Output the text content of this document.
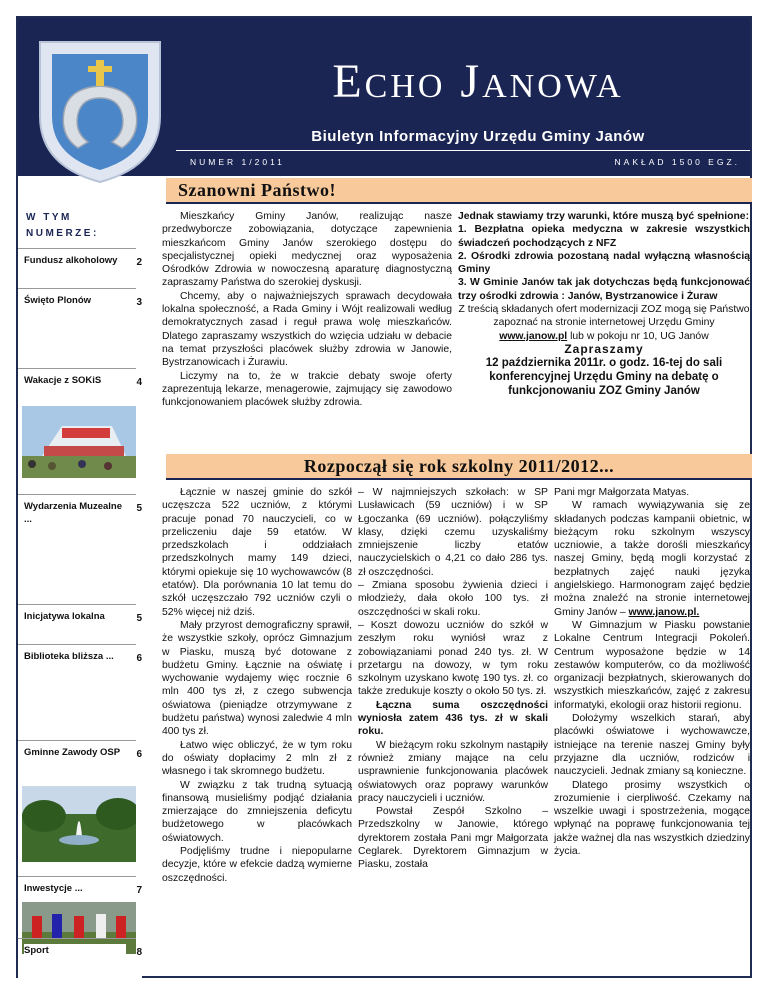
Echo Janowa
Biuletyn Informacyjny Urzędu Gminy Janów
NUMER 1/2011	NAKŁAD 1500 EGZ.
W TYM
NUMERZE:
Fundusz alkoholowy 2
Święto Plonów	3
Wakacje z SOKiS	4
Wydarzenia Muzealne ...
5
Inicjatywa lokalna	5
Biblioteka bliższa ... 6
Gminne Zawody OSP 6
Inwestycje ...	7
Sport	8
Szanowni Państwo!

Mieszkańcy Gminy Janów, realizując nasze przedwyborcze zobowiązania, dotyczące zapewnienia mieszkańcom Gminy Janów szerokiego dostępu do specjalistycznej opieki medycznej oraz wyposażenia Ośrodków Zdrowia w nowoczesną aparaturę diagnostyczną zapraszamy Państwa do szerokiej dyskusji.

Chcemy, aby o najważniejszych sprawach decydowała lokalna społeczność, a Rada Gminy i Wójt realizowali według demokratycznych zasad i reguł prawa wolę mieszkańców. Dlatego zapraszamy wszystkich do wzięcia udziału w debacie na temat przyszłości placówek służby zdrowia w Janowie, Bystrzanowicach i Żurawiu.

Liczymy na to, że w trakcie debaty swoje oferty zaprezentują lekarze, menagerowie, zajmujący się zawodowo funkcjonowaniem placówek służby zdrowia.

Jednak stawiamy trzy warunki, które muszą być spełnione:
1. Bezpłatna opieka medyczna w zakresie wszystkich świadczeń pochodzących z NFZ
2. Ośrodki zdrowia pozostaną nadal wyłączną własnością Gminy
3. W Gminie Janów tak jak dotychczas będą funkcjonować trzy ośrodki zdrowia : Janów, Bystrzanowice i Żuraw
Z treścią składanych ofert modernizacji ZOZ mogą się Państwo zapoznać na stronie internetowej Urzędu Gminy www.janow.pl lub w pokoju nr 10, UG Janów
Zapraszamy
12 października 2011r. o godz. 16-tej do sali konferencyjnej Urzędu Gminy na debatę o funkcjonowaniu ZOZ Gminy Janów
Rozpoczął się rok szkolny 2011/2012...

Łącznie w naszej gminie do szkół uczęszcza 522 uczniów, z którymi pracuje ponad 70 nauczycieli, co w przeliczeniu daje 59 etatów. W przedszkolach i oddziałach przedszkolnych mamy 149 dzieci, którymi opiekuje się 10 wychowawców (8 etatów). Dla porównania 10 lat temu do szkół uczęszczało 792 uczniów czyli o 52% więcej niż dziś.

Mały przyrost demograficzny sprawił, że wszystkie szkoły, oprócz Gimnazjum w Piasku, muszą być dotowane z budżetu Gminy. Łącznie na oświatę i wychowanie wydajemy więc rocznie 6 mln 400 tys zł, z czego subwencja oświatowa (pieniądze otrzymywane z budżetu państwa) wynosi zaledwie 4 mln 400 tys zł.

Łatwo więc obliczyć, że w tym roku do oświaty dopłacimy 2 mln zł z własnego i tak skromnego budżetu.

W związku z tak trudną sytuacją finansową musieliśmy podjąć działania zmierzające do zmniejszenia deficytu budżetowego w placówkach oświatowych.

Podjęliśmy trudne i niepopularne decyzje, które w efekcie dadzą wymierne oszczędności.

– W najmniejszych szkołach: w SP Lusławicach (59 uczniów) i w SP Łgoczanka (69 uczniów). połączyliśmy klasy, dzięki czemu uzyskaliśmy zmniejszenie liczby etatów nauczycielskich o 4,21 co dało 286 tys. zł oszczędności.
– Zmiana sposobu żywienia dzieci i młodzieży, dała około 100 tys. zł oszczędności w skali roku.
– Koszt dowozu uczniów do szkół w zeszłym roku wyniósł wraz z zobowiązaniami ponad 240 tys. zł. W przetargu na dowozy, w tym roku szkolnym uzyskano kwotę 190 tys. zł. co także zredukuje koszty o około 50 tys. zł.
Łączna suma oszczędności wyniosła zatem 436 tys. zł w skali roku.

W bieżącym roku szkolnym nastąpiły również zmiany mające na celu usprawnienie funkcjonowania placówek oświatowych oraz poprawy warunków pracy nauczycieli i uczniów.

Powstał Zespół Szkolno – Przedszkolny w Janowie, którego dyrektorem została Pani mgr Małgorzata Ceglarek. Dyrektorem Gimnazjum w Piasku, została

Pani mgr Małgorzata Matyas.

W ramach wywiązywania się ze składanych podczas kampanii obietnic, w bieżącym roku szkolnym wszyscy uczniowie, a także dorośli mieszkańcy naszej Gminy, będą mogli korzystać z bezpłatnych zajęć nauki języka angielskiego. Harmonogram zajęć będzie można znaleźć na stronie internetowej Gminy Janów – www.janow.pl.

W Gimnazjum w Piasku powstanie Lokalne Centrum Integracji Pokoleń. Centrum wyposażone będzie w 14 zestawów komputerów, co da możliwość organizacji bezpłatnych, skierowanych do wszystkich mieszkańców, zajęć z zakresu informatyki, ekologii oraz historii regionu.

Dołożymy wszelkich starań, aby placówki oświatowe i wychowawcze, istniejące na terenie naszej Gminy były przyjazne dla uczniów, rodziców i nauczycieli. Jednak zmiany są konieczne.

Dlatego prosimy wszystkich o zrozumienie i cierpliwość. Czekamy na wszelkie uwagi i spostrzeżenia, mogące wpłynąć na poprawę funkcjonowania tej jakże ważnej dla nas wszystkich dziedziny życia.
